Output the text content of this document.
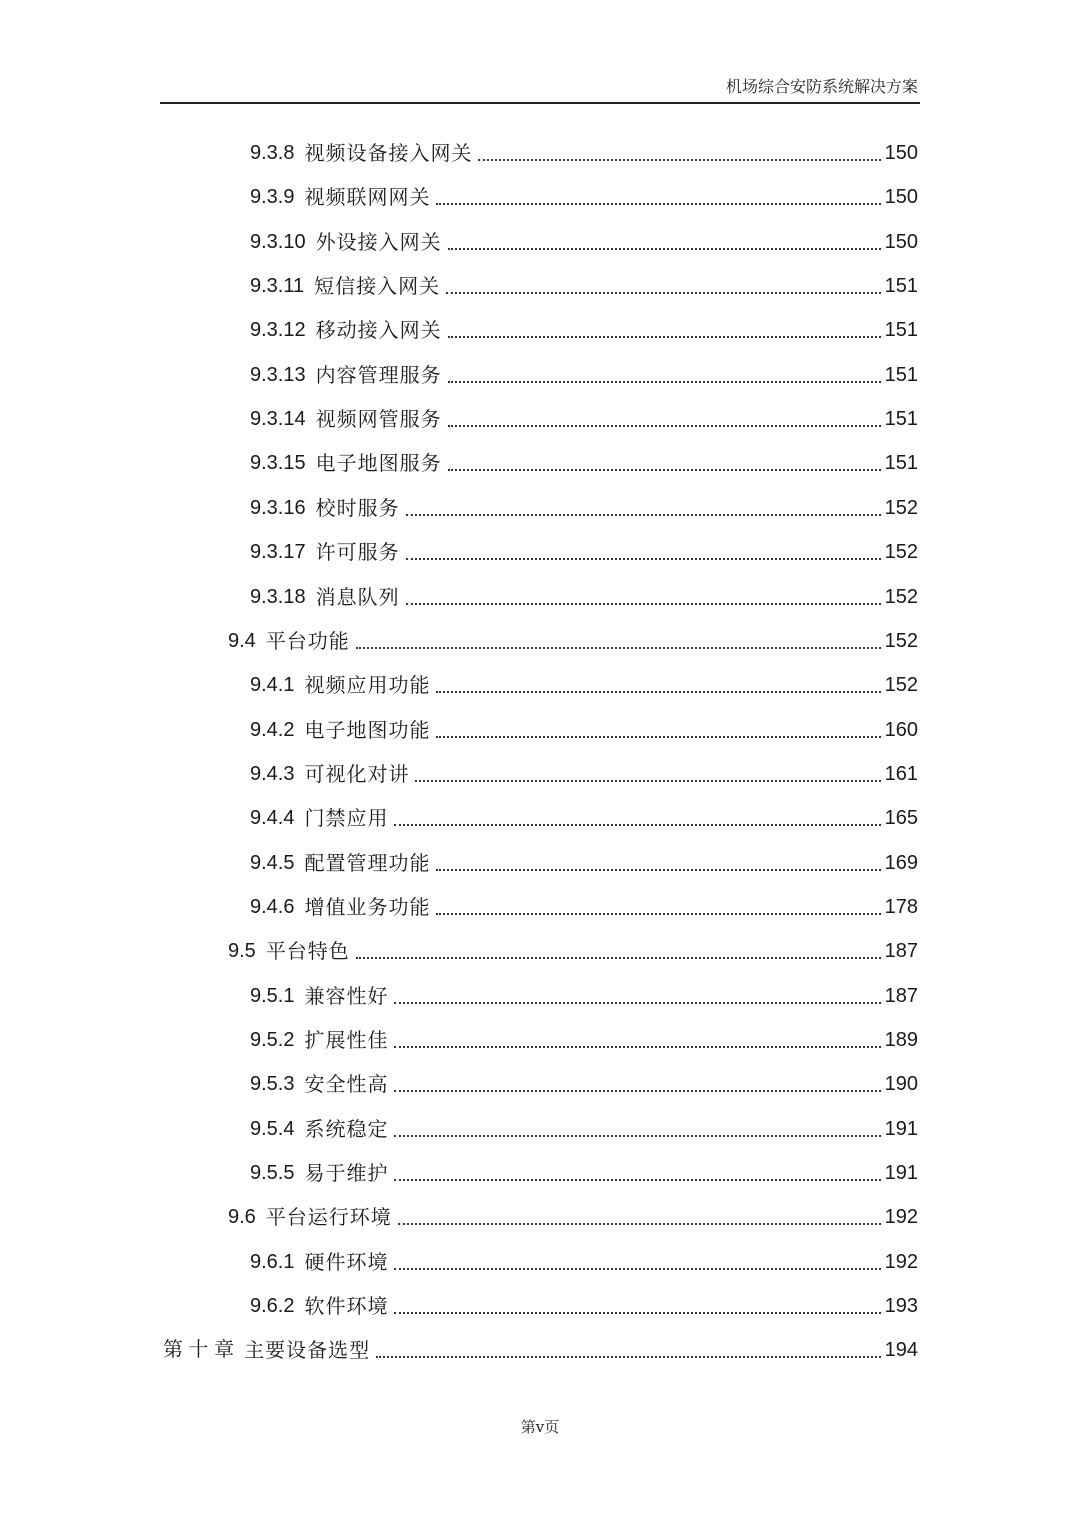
机场综合安防系统解决方案
9.3.8 视频设备接入网关	150
9.3.9 视频联网网关	150
9.3.10 外设接入网关	150
9.3.11 短信接入网关	151
9.3.12 移动接入网关	151
9.3.13 内容管理服务	151
9.3.14 视频网管服务	151
9.3.15 电子地图服务	151
9.3.16 校时服务	152
9.3.17 许可服务	152
9.3.18 消息队列	152
9.4 平台功能	152
9.4.1 视频应用功能	152
9.4.2 电子地图功能	160
9.4.3 可视化对讲	161
9.4.4 门禁应用	165
9.4.5 配置管理功能	169
9.4.6 增值业务功能	178
9.5 平台特色	187
9.5.1 兼容性好	187
9.5.2 扩展性佳	189
9.5.3 安全性高	190
9.5.4 系统稳定	191
9.5.5 易于维护	191
9.6 平台运行环境	192
9.6.1 硬件环境	192
9.6.2 软件环境	193
第 十 章 主要设备选型	194
第v页
